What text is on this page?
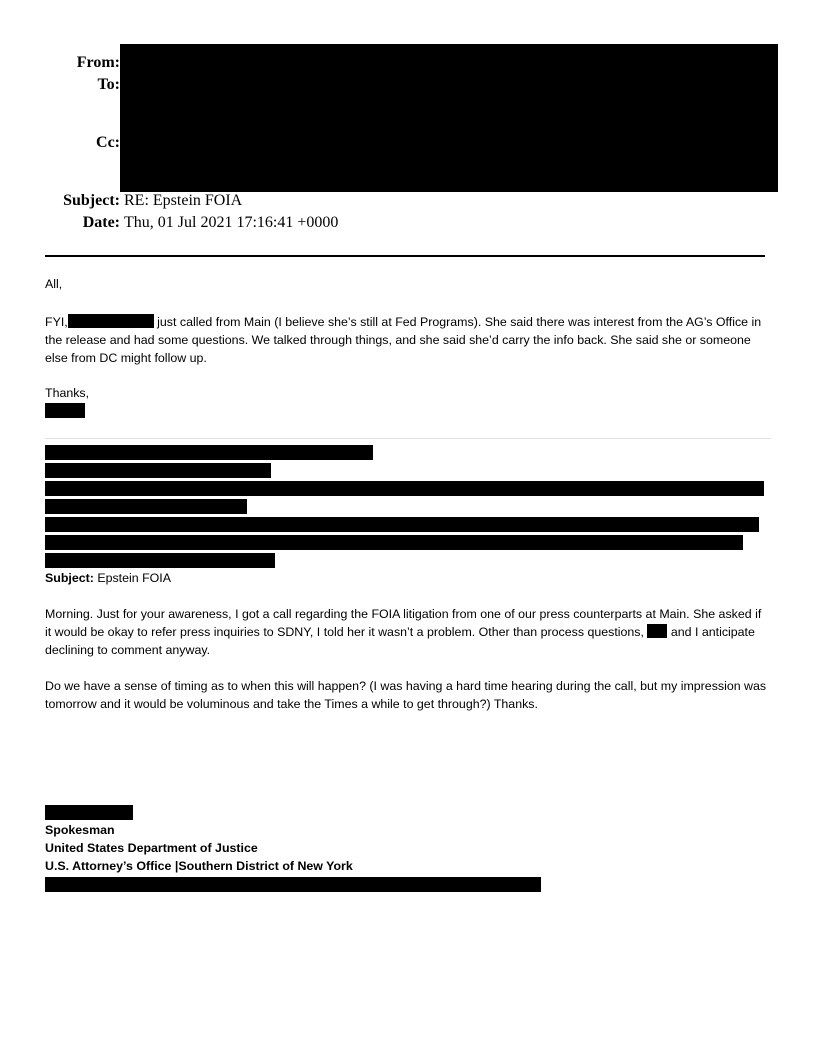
From:
To:
Cc:
Subject: RE: Epstein FOIA
Date: Thu, 01 Jul 2021 17:16:41 +0000
All,
FYI,	just called from Main (I believe she’s still at Fed Programs). She said there was interest from the AG’s Office in the release and had some questions. We talked through things, and she said she’d carry the info back. She said she or someone else from DC might follow up.
Thanks,
Subject: Epstein FOIA
Morning. Just for your awareness, I got a call regarding the FOIA litigation from one of our press counterparts at Main. She asked if it would be okay to refer press inquiries to SDNY, I told her it wasn’t a problem. Other than process questions,  and I anticipate declining to comment anyway.
Do we have a sense of timing as to when this will happen? (I was having a hard time hearing during the call, but my impression was tomorrow and it would be voluminous and take the Times a while to get through?) Thanks.
Spokesman
United States Department of Justice
U.S. Attorney’s Office |Southern District of New York
